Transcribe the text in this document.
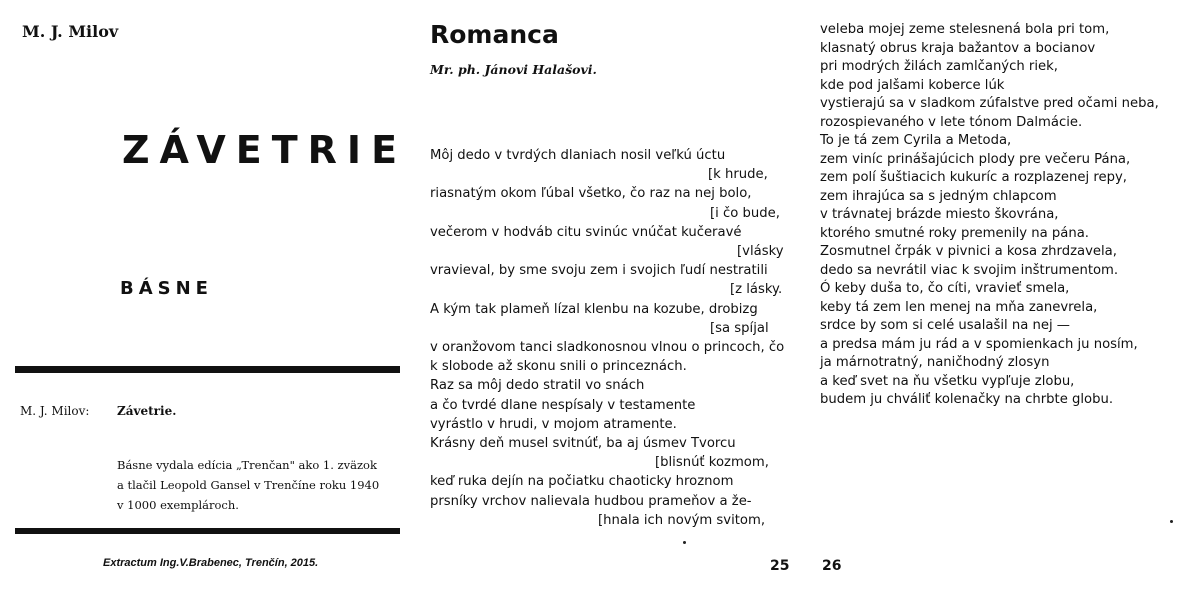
M. J. Milov
ZÁVETRIE
BÁSNE
M. J. Milov: Závetrie.
Básne vydala edícia „Trenčan" ako 1. zväzok
a tlačil Leopold Gansel v Trenčíne roku 1940
v 1000 exemplároch.
Extractum Ing.V.Brabenec, Trenčín, 2015.
Romanca
Mr. ph. Jánovi Halašovi.
Môj dedo v tvrdých dlaniach nosil veľkú úctu
[k hrude,
riasnatým okom ľúbal všetko, čo raz na nej bolo,
[i čo bude,
večerom v hodváb citu svinúc vnúčat kučeravé
[vlásky
vravieval, by sme svoju zem i svojich ľudí nestratili
[z lásky.
A kým tak plameň lízal klenbu na kozube, drobizg
[sa spíjal
v oranžovom tanci sladkonosnou vlnou o princoch, čo
k slobode až skonu snili o princeznách.
Raz sa môj dedo stratil vo snách
a čo tvrdé dlane nespísaly v testamente
vyrástlo v hrudi, v mojom atramente.
Krásny deň musel svitnúť, ba aj úsmev Tvorcu
[blisnúť kozmom,
keď ruka dejín na počiatku chaoticky hroznom
prsníky vrchov nalievala hudbou prameňov a že-
[hnala ich novým svitom,
25
veleba mojej zeme stelesnená bola pri tom,
klasnatý obrus kraja bažantov a bocianov
pri modrých žilách zamlčaných riek,
kde pod jalšami koberce lúk
vystierajú sa v sladkom zúfalstve pred očami neba,
rozospievaného v lete tónom Dalmácie.
To je tá zem Cyrila a Metoda,
zem viníc prinášajúcich plody pre večeru Pána,
zem polí šuštiacich kukuríc a rozplazenej repy,
zem ihrajúca sa s jedným chlapcom
v trávnatej brázde miesto škovrána,
ktorého smutné roky premenily na pána.
Zosmutnel črpák v pivnici a kosa zhrdzavela,
dedo sa nevrátil viac k svojim inštrumentom.
Ó keby duša to, čo cíti, vravieť smela,
keby tá zem len menej na mňa zanevrela,
srdce by som si celé usalašil na nej —
a predsa mám ju rád a v spomienkach ju nosím,
ja márnotratný, naničhodný zlosyn
a keď svet na ňu všetku vypľuje zlobu,
budem ju chváliť kolenačky na chrbte globu.
26
